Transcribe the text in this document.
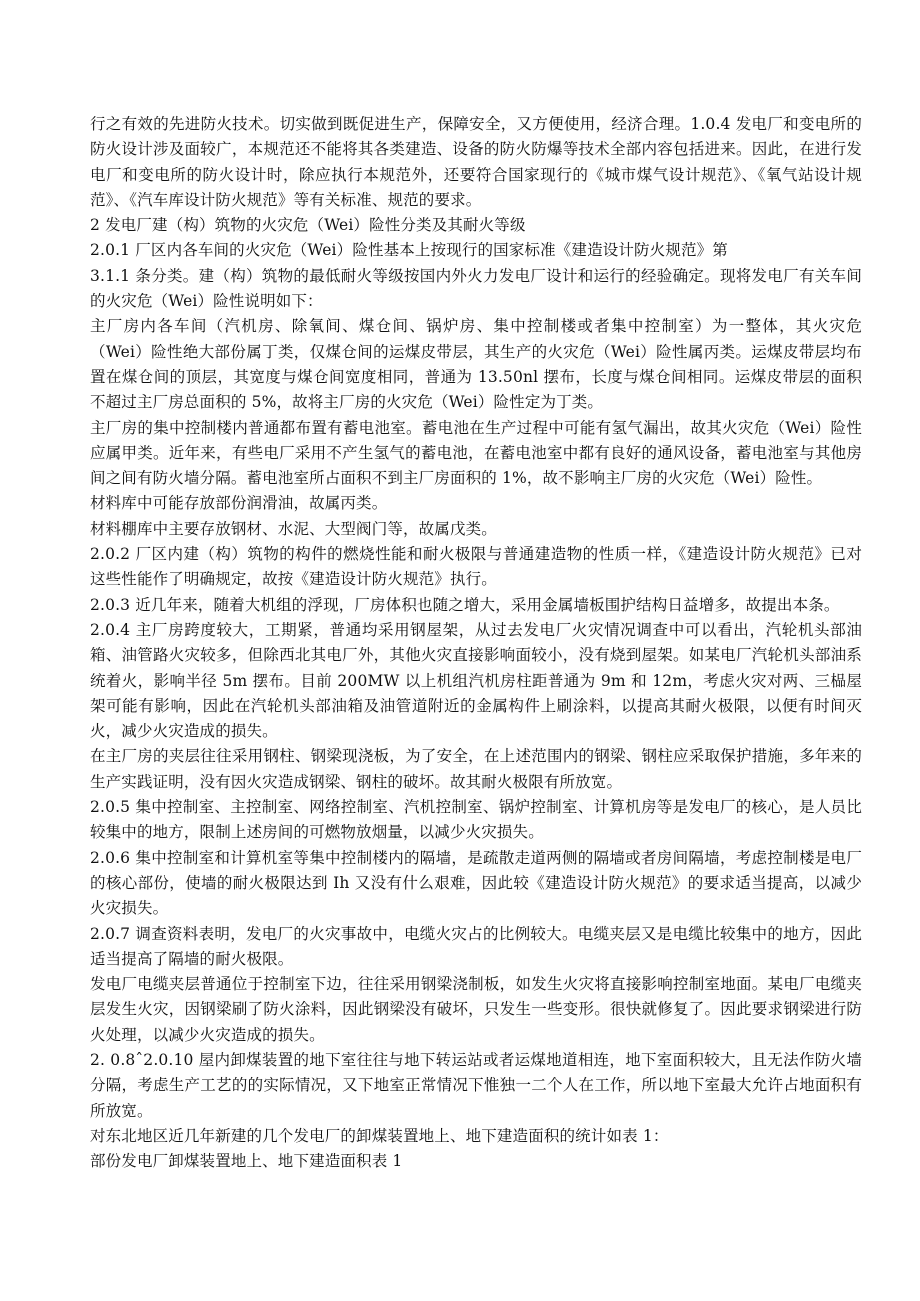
行之有效的先进防火技术。切实做到既促进生产，保障安全，又方便使用，经济合理。1.0.4 发电厂和变电所的防火设计涉及面较广，本规范还不能将其各类建造、设备的防火防爆等技术全部内容包括进来。因此，在进行发电厂和变电所的防火设计时，除应执行本规范外，还要符合国家现行的《城市煤气设计规范》、《氧气站设计规范》、《汽车库设计防火规范》等有关标准、规范的要求。

2 发电厂建（构）筑物的火灾危（Wei）险性分类及其耐火等级

2.0.1 厂区内各车间的火灾危（Wei）险性基本上按现行的国家标准《建造设计防火规范》第

3.1.1 条分类。建（构）筑物的最低耐火等级按国内外火力发电厂设计和运行的经验确定。现将发电厂有关车间的火灾危（Wei）险性说明如下：

主厂房内各车间（汽机房、除氧间、煤仓间、锅炉房、集中控制楼或者集中控制室）为一整体，其火灾危（Wei）险性绝大部份属丁类，仅煤仓间的运煤皮带层，其生产的火灾危（Wei）险性属丙类。运煤皮带层均布置在煤仓间的顶层，其宽度与煤仓间宽度相同，普通为 13.50nl 摆布，长度与煤仓间相同。运煤皮带层的面积不超过主厂房总面积的 5%，故将主厂房的火灾危（Wei）险性定为丁类。

主厂房的集中控制楼内普通都布置有蓄电池室。蓄电池在生产过程中可能有氢气漏出，故其火灾危（Wei）险性应属甲类。近年来，有些电厂采用不产生氢气的蓄电池，在蓄电池室中都有良好的通风设备，蓄电池室与其他房间之间有防火墙分隔。蓄电池室所占面积不到主厂房面积的 1%，故不影响主厂房的火灾危（Wei）险性。

材料库中可能存放部份润滑油，故属丙类。

材料棚库中主要存放钢材、水泥、大型阀门等，故属戊类。

2.0.2 厂区内建（构）筑物的构件的燃烧性能和耐火极限与普通建造物的性质一样，《建造设计防火规范》已对这些性能作了明确规定，故按《建造设计防火规范》执行。

2.0.3 近几年来，随着大机组的浮现，厂房体积也随之增大，采用金属墙板围护结构日益增多，故提出本条。

2.0.4 主厂房跨度较大，工期紧，普通均采用钢屋架，从过去发电厂火灾情况调查中可以看出，汽轮机头部油箱、油管路火灾较多，但除西北其电厂外，其他火灾直接影响面较小，没有烧到屋架。如某电厂汽轮机头部油系统着火，影响半径 5m 摆布。目前 200MW 以上机组汽机房柱距普通为 9m 和 12m，考虑火灾对两、三榀屋架可能有影响，因此在汽轮机头部油箱及油管道附近的金属构件上刷涂料，以提高其耐火极限，以便有时间灭火，减少火灾造成的损失。

在主厂房的夹层往往采用钢柱、钢梁现浇板，为了安全，在上述范围内的钢梁、钢柱应采取保护措施，多年来的生产实践证明，没有因火灾造成钢梁、钢柱的破坏。故其耐火极限有所放宽。

2.0.5 集中控制室、主控制室、网络控制室、汽机控制室、锅炉控制室、计算机房等是发电厂的核心，是人员比较集中的地方，限制上述房间的可燃物放烟量，以减少火灾损失。

2.0.6 集中控制室和计算机室等集中控制楼内的隔墙，是疏散走道两侧的隔墙或者房间隔墙，考虑控制楼是电厂的核心部份，使墙的耐火极限达到 Ih 又没有什么艰难，因此较《建造设计防火规范》的要求适当提高，以减少火灾损失。

2.0.7 调查资料表明，发电厂的火灾事故中，电缆火灾占的比例较大。电缆夹层又是电缆比较集中的地方，因此适当提高了隔墙的耐火极限。

发电厂电缆夹层普通位于控制室下边，往往采用钢梁浇制板，如发生火灾将直接影响控制室地面。某电厂电缆夹层发生火灾，因钢梁刷了防火涂料，因此钢梁没有破坏，只发生一些变形。很快就修复了。因此要求钢梁进行防火处理，以减少火灾造成的损失。

2. 0.8ˆ2.0.10 屋内卸煤装置的地下室往往与地下转运站或者运煤地道相连，地下室面积较大，且无法作防火墙分隔，考虑生产工艺的的实际情况，又下地室正常情况下惟独一二个人在工作，所以地下室最大允许占地面积有所放宽。

对东北地区近几年新建的几个发电厂的卸煤装置地上、地下建造面积的统计如表 1：

部份发电厂卸煤装置地上、地下建造面积表 1
